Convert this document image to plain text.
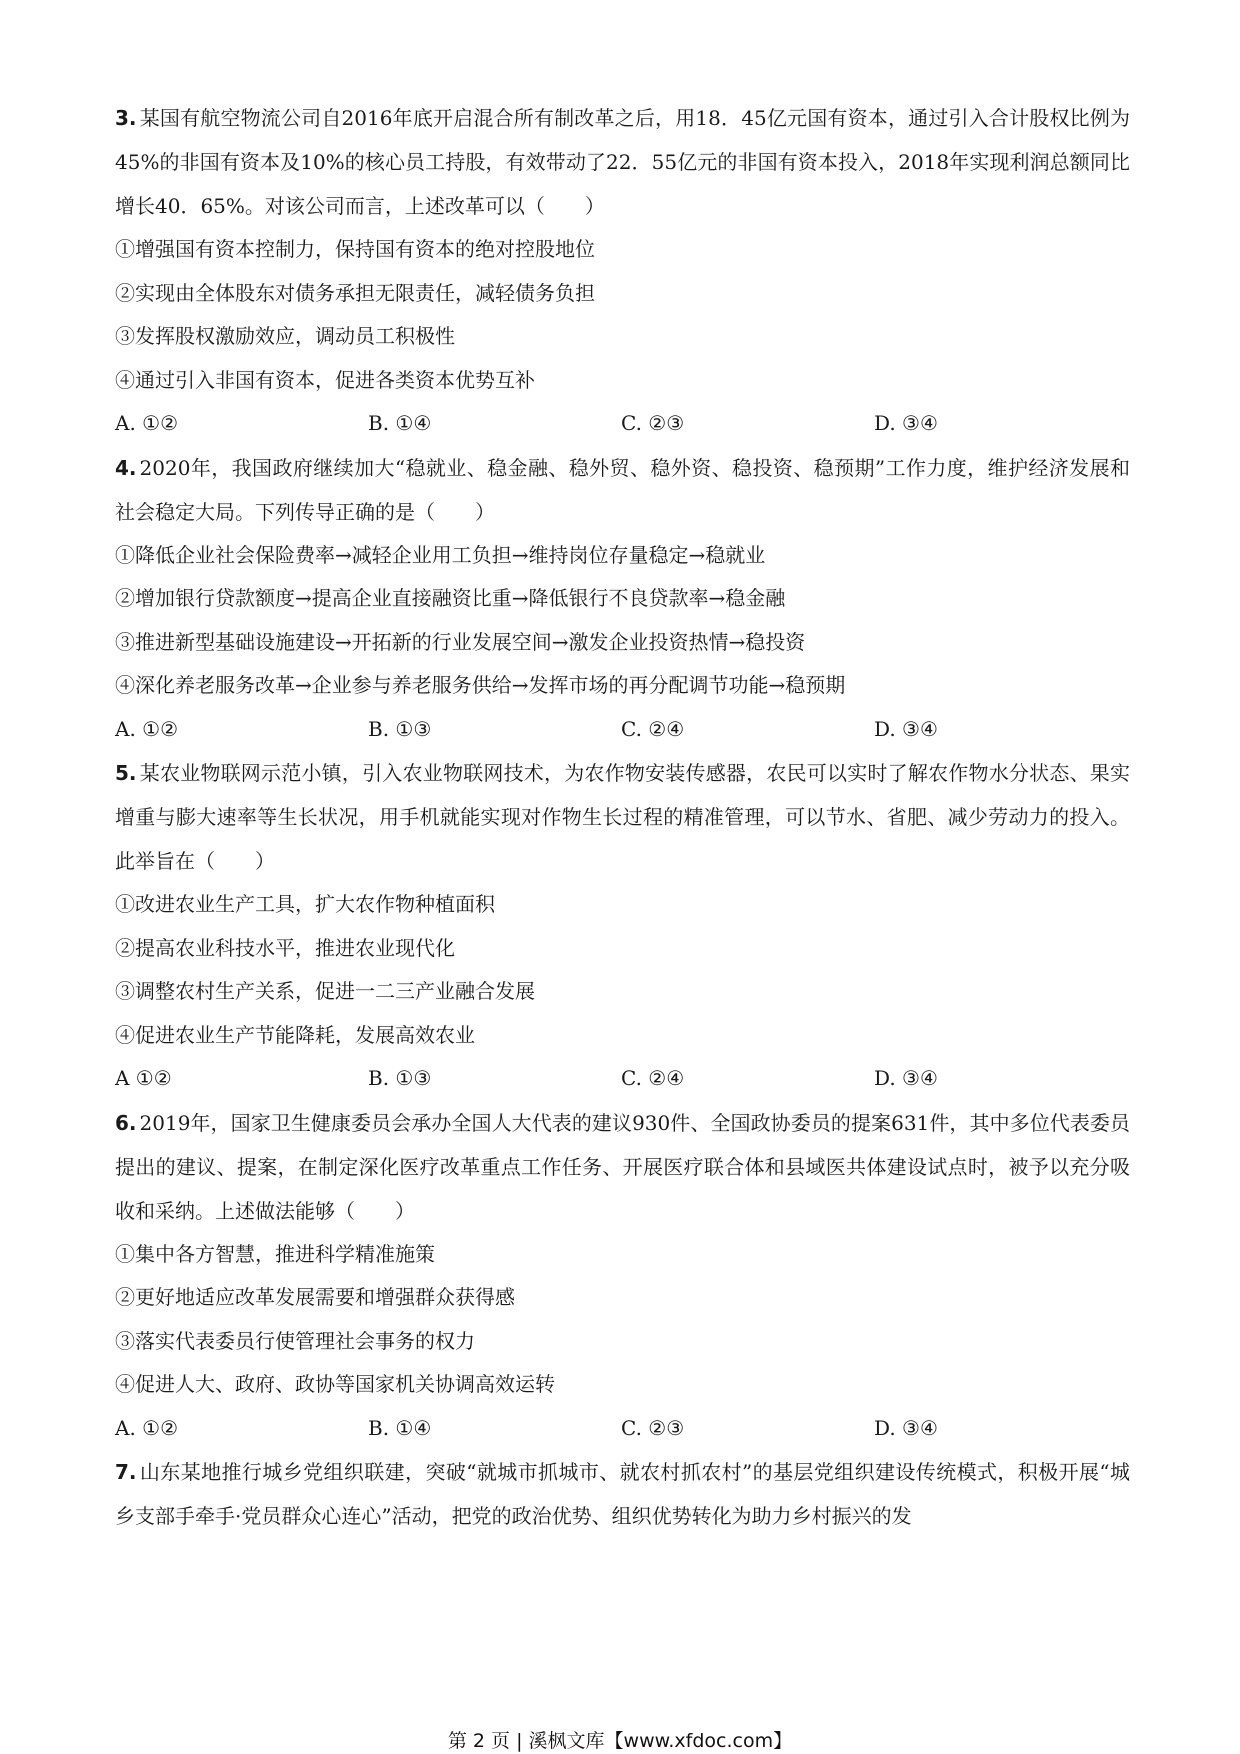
3. 某国有航空物流公司自2016年底开启混合所有制改革之后，用18．45亿元国有资本，通过引入合计股权比例为45%的非国有资本及10%的核心员工持股，有效带动了22．55亿元的非国有资本投入，2018年实现利润总额同比增长40．65%。对该公司而言，上述改革可以（　　）

①增强国有资本控制力，保持国有资本的绝对控股地位

②实现由全体股东对债务承担无限责任，减轻债务负担

③发挥股权激励效应，调动员工积极性

④通过引入非国有资本，促进各类资本优势互补

A. ①②	B. ①④	C. ②③	D. ③④

4. 2020年，我国政府继续加大“稳就业、稳金融、稳外贸、稳外资、稳投资、稳预期”工作力度，维护经济发展和社会稳定大局。下列传导正确的是（　　）

①降低企业社会保险费率→减轻企业用工负担→维持岗位存量稳定→稳就业

②增加银行贷款额度→提高企业直接融资比重→降低银行不良贷款率→稳金融

③推进新型基础设施建设→开拓新的行业发展空间→激发企业投资热情→稳投资

④深化养老服务改革→企业参与养老服务供给→发挥市场的再分配调节功能→稳预期

A. ①②	B. ①③	C. ②④	D. ③④

5. 某农业物联网示范小镇，引入农业物联网技术，为农作物安装传感器，农民可以实时了解农作物水分状态、果实增重与膨大速率等生长状况，用手机就能实现对作物生长过程的精准管理，可以节水、省肥、减少劳动力的投入。此举旨在（　　）

①改进农业生产工具，扩大农作物种植面积

②提高农业科技水平，推进农业现代化

③调整农村生产关系，促进一二三产业融合发展

④促进农业生产节能降耗，发展高效农业

A ①②	B. ①③	C. ②④	D. ③④

6. 2019年，国家卫生健康委员会承办全国人大代表的建议930件、全国政协委员的提案631件，其中多位代表委员提出的建议、提案，在制定深化医疗改革重点工作任务、开展医疗联合体和县域医共体建设试点时，被予以充分吸收和采纳。上述做法能够（　　）

①集中各方智慧，推进科学精准施策

②更好地适应改革发展需要和增强群众获得感

③落实代表委员行使管理社会事务的权力

④促进人大、政府、政协等国家机关协调高效运转

A. ①②	B. ①④	C. ②③	D. ③④

7. 山东某地推行城乡党组织联建，突破“就城市抓城市、就农村抓农村”的基层党组织建设传统模式，积极开展“城乡支部手牵手·党员群众心连心”活动，把党的政治优势、组织优势转化为助力乡村振兴的发

第 2 页 | 溪枫文库【www.xfdoc.com】
